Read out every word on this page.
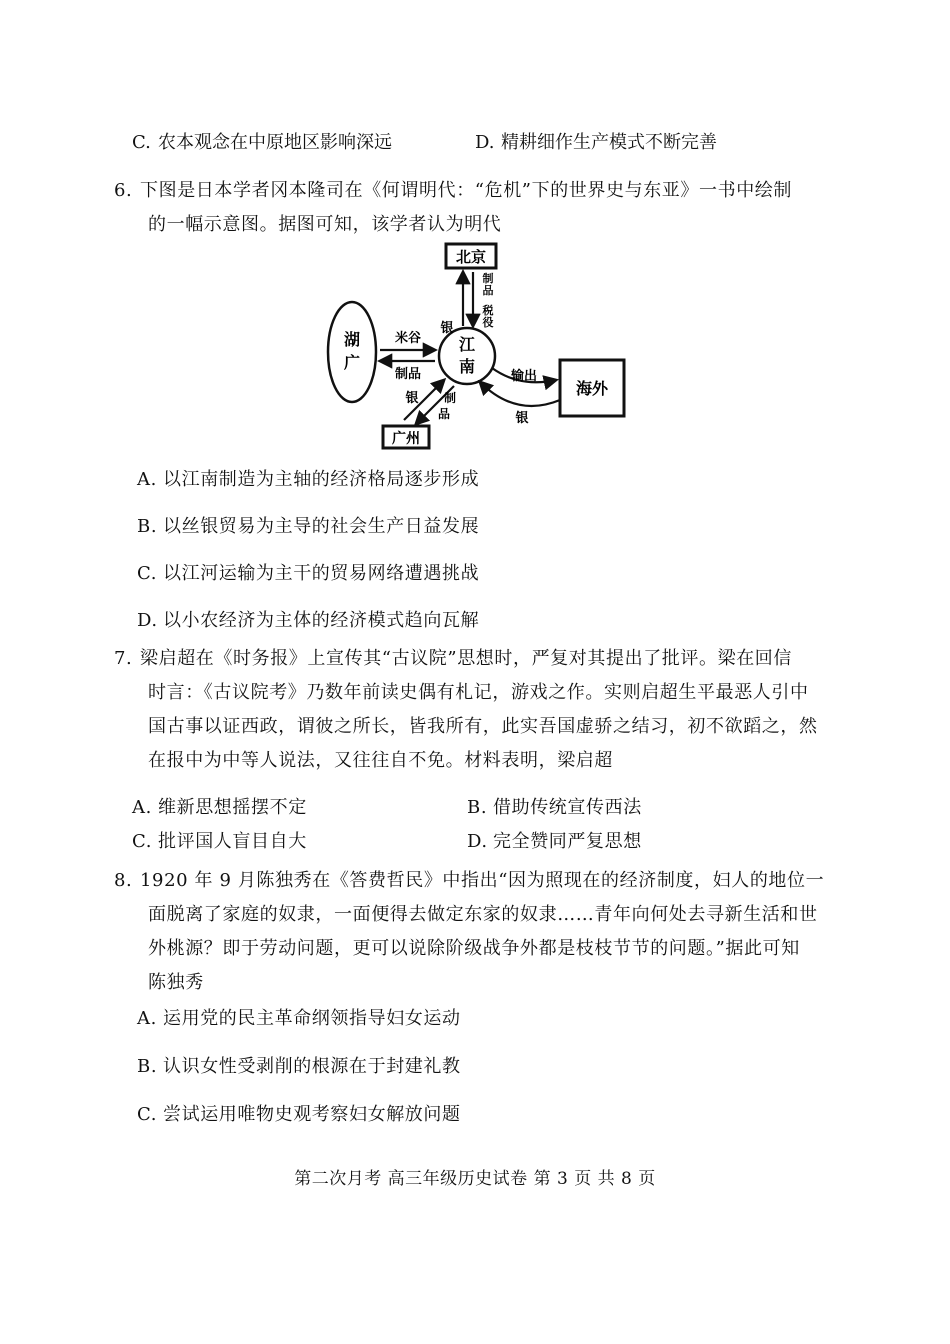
C. 农本观念在中原地区影响深远	D. 精耕细作生产模式不断完善
6. 下图是日本学者冈本隆司在《何谓明代：“危机”下的世界史与东亚》一书中绘制
的一幅示意图。据图可知，该学者认为明代
北京
江
南
湖
广
广州
海外
银
制
品
税
役
米谷
制品
银 制
品
输出
银
A. 以江南制造为主轴的经济格局逐步形成
B. 以丝银贸易为主导的社会生产日益发展
C. 以江河运输为主干的贸易网络遭遇挑战
D. 以小农经济为主体的经济模式趋向瓦解
7. 梁启超在《时务报》上宣传其“古议院”思想时，严复对其提出了批评。梁在回信
时言：《古议院考》乃数年前读史偶有札记，游戏之作。实则启超生平最恶人引中
国古事以证西政，谓彼之所长，皆我所有，此实吾国虚骄之结习，初不欲蹈之，然
在报中为中等人说法，又往往自不免。材料表明，梁启超
A. 维新思想摇摆不定	B. 借助传统宣传西法
C. 批评国人盲目自大	D. 完全赞同严复思想
8. 1920 年 9 月陈独秀在《答费哲民》中指出“因为照现在的经济制度，妇人的地位一
面脱离了家庭的奴隶，一面便得去做定东家的奴隶……青年向何处去寻新生活和世
外桃源？即于劳动问题，更可以说除阶级战争外都是枝枝节节的问题。”据此可知
陈独秀
A. 运用党的民主革命纲领指导妇女运动
B. 认识女性受剥削的根源在于封建礼教
C. 尝试运用唯物史观考察妇女解放问题
第二次月考 高三年级历史试卷 第 3 页 共 8 页
